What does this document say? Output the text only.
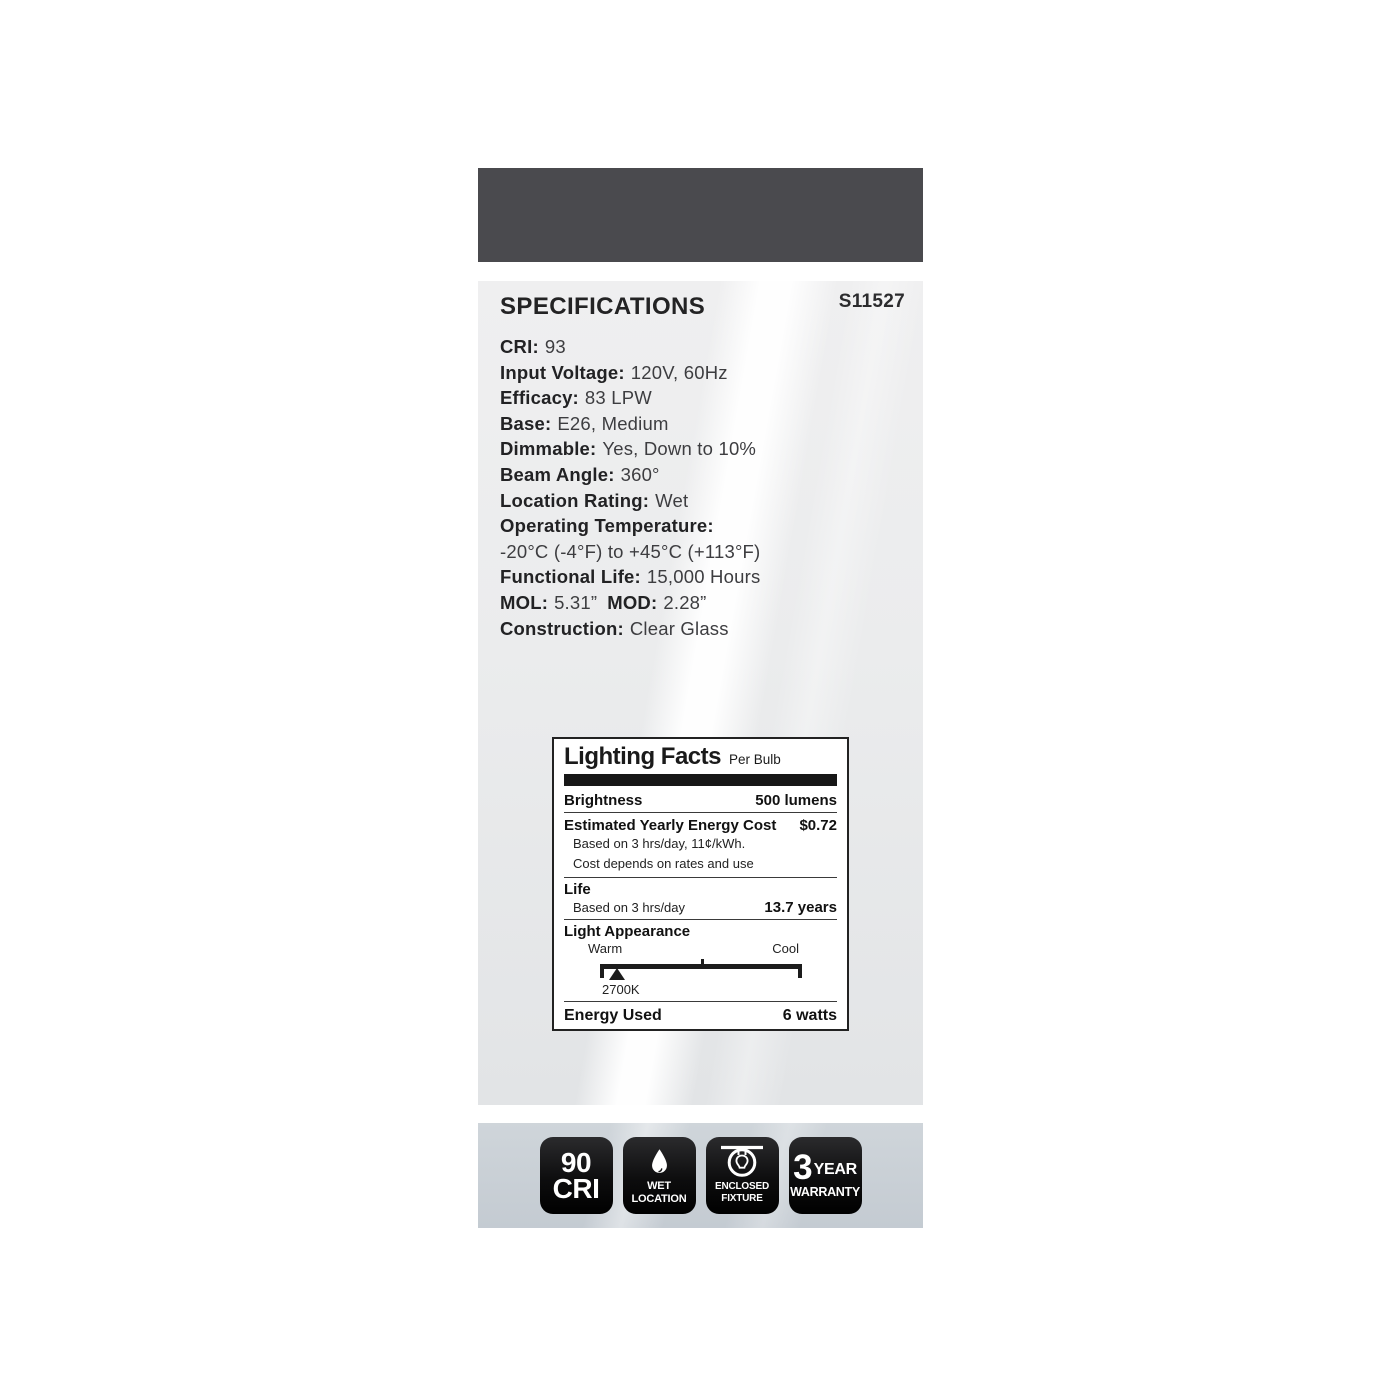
SPECIFICATIONS	S11527
CRI: 93
Input Voltage: 120V, 60Hz
Efficacy: 83 LPW
Base: E26, Medium
Dimmable: Yes, Down to 10%
Beam Angle: 360°
Location Rating: Wet
Operating Temperature:
-20°C (-4°F) to +45°C (+113°F)
Functional Life: 15,000 Hours
MOL: 5.31” MOD: 2.28”
Construction: Clear Glass
Lighting Facts Per Bulb
Brightness	500 lumens
Estimated Yearly Energy Cost $0.72
Based on 3 hrs/day, 11¢/kWh.
Cost depends on rates and use
Life
Based on 3 hrs/day	13.7 years
Light Appearance
Warm	Cool
2700K
Energy Used	6 watts
90
CRI	WET
LOCATION
ENCLOSED
FIXTURE
3 YEAR
WARRANTY
